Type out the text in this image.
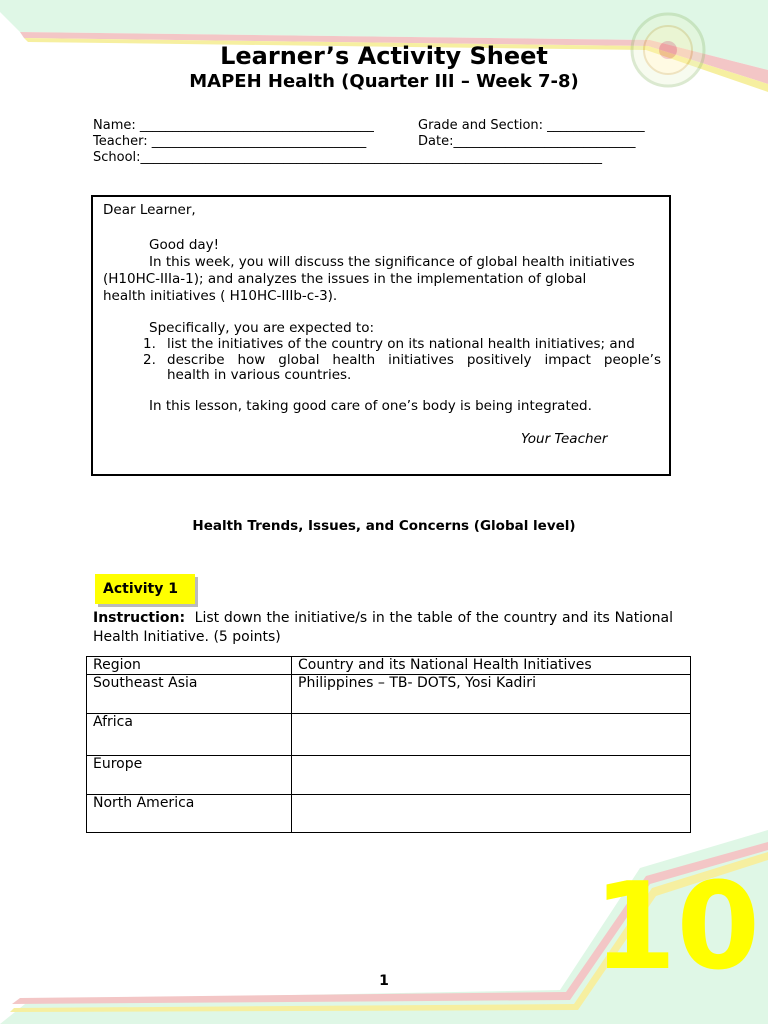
Learner’s Activity Sheet
MAPEH Health (Quarter III – Week 7-8)
Name: ____________________________________	Grade and Section: _______________
Teacher: _________________________________	Date:____________________________
School:_______________________________________________________________________

Dear Learner,

Good day!

In this week, you will discuss the significance of global health initiatives

(H10HC-IIIa-1); and analyzes the issues in the implementation of global

health initiatives ( H10HC-IIIb-c-3).

Specifically, you are expected to:

1. list the initiatives of the country on its national health initiatives; and

2. describe how global health initiatives positively impact people’s

health in various countries.

In this lesson, taking good care of one’s body is being integrated.

Your Teacher

Health Trends, Issues, and Concerns (Global level)
Activity 1
Instruction: List down the initiative/s in the table of the country and its National Health Initiative. (5 points)
Region	Country and its National Health Initiatives
Southeast Asia	Philippines – TB- DOTS, Yosi Kadiri
Africa	
Europe	
North America	
10
1
